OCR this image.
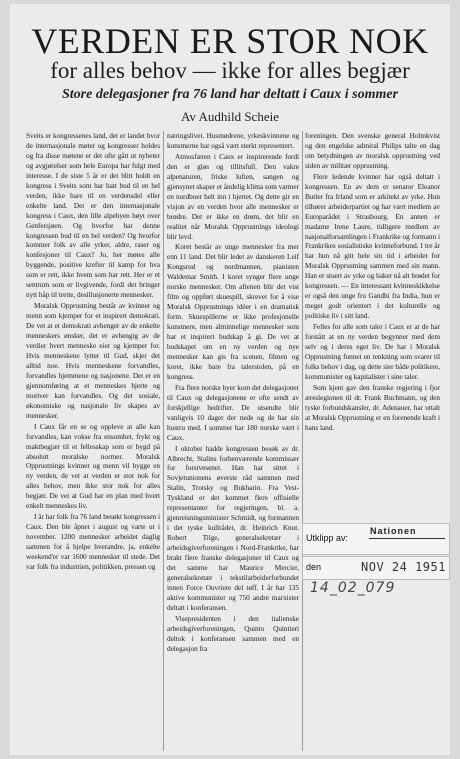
VERDEN ER STOR NOK
for alles behov — ikke for alles begjær
Store delegasjoner fra 76 land har deltatt i Caux i sommer
Av Audhild Scheie

Sveits er kongressenes land, det er landet hvor de internasjonale møter og kongresser holdes og fra disse møtene er det ofte gått ut nyheter og avgjørelser som hele Europa har fulgt med interesse. I de siste 5 år er det blitt holdt en kongress i Sveits som har hatt bud til en hel verden, ikke bare til en verdensdel eller enkelte land. Det er den internasjonale kongress i Caux, den lille alpebyen høyt over Genfersjøen. Og hvorfor har denne kongressen bud til en hel verden? Og hvorfor kommer folk av alle yrker, aldre, raser og konfesjoner til Caux? Jo, her møtes alle byggende, positive krefter til kamp for hva som er rett, ikke hvem som har rett. Her er et sentrum som er livgivende, fordi det bringer nytt håp til trette, desillusjonerte mennesker.

Moralsk Opprustning består av kvinner og menn som kjemper for et inspirert demokrati. De vet at et demokrati avhenger av de enkelte menneskers ønsker, det er avhengig av de verdier hvert menneske eier og kjemper for. Hvis menneskene lytter til Gud, skjer det alltid noe. Hvis menneskene forvandles, forvandles hjemmene og nasjonene. Det er en gjennomføring at et menneskes hjerte og motiver kan forvandles. Og det sosiale, økonomiske og nasjonale liv skapes av mennesker.

I Caux får en se og oppleve at alle kan forvandles, kan vokse fra ensomhet, frykt og maktbegjær til et fellesskap som er bygd på absolutt moralske normer. Moralsk Opprustnings kvinner og menn vil bygge en ny verden, de vet at verden er stor nok for alles behov, men ikke stor nok for alles begjær. De vet at Gud har en plan med hvert enkelt menneskes liv.

I år har folk fra 76 land besøkt kongressen i Caux. Den ble åpnet i august og varte ut i november. 1200 mennesker arbeidet daglig sammen for å hjelpe hverandre, ja, enkelte weekend'er var 1600 mennesker til stede. Det var folk fra industrien, politikken, pressen og

næringslivet. Husmødrene, yrkeskvinnene og kunstnerne har også vært sterkt representert.

Atmosfæren i Caux er inspirerende fordi den er gløs og tillitsfull. Den vakre alpenaturen, friske luften, sangen og gjensynet skaper et åndelig klima som varmer en nordboer helt inn i hjertet. Og dette gir en visjon av en verden hvor alle mennesker er brødre. Det er ikke en drøm, det blir en realitet når Moralsk Opprustnings ideologi blir levd.

Koret består av unge mennesker fra mer enn 11 land. Det blir ledet av danskeren Leif Kongsrud og nordmannen, pianisten Waldemar Smith. I koret synger flere unge norske mennesker. Om aftenen blir det vist film og oppført skuespill, skrevet for å vise Moralsk Opprustnings idéer i en dramatisk form. Skuespillerne er ikke profesjonelle kunstnere, men alminnelige mennesker som har et inspirert budskap å gi. De vet at budskapet om en ny verden og nye mennesker kan gis fra scenen, filmen og koret, ikke bare fra talerstolen, på en kongress.

Fra flere norske byer kom det delegasjoner til Caux og delegasjonene er ofte sendt av forskjellige bedrifter. De utsendte blir vanligvis 10 dager der nede og de har sin hustru med. I sommer har 180 norske vært i Caux.

I oktober hadde kongressen besøk av dr. Albrecht, Stalins forhenværende kommissær for forstvesenet. Han har sittet i Sovjetunionens øverste råd sammen med Stalin, Trotsky og Bukharin. Fra Vest-Tyskland er det kommet flere offisielle representanter for regjeringen, bl. a. gjenreisningsminister Schmidt, og formannen i det tyske kullrådet, dr. Heinrich Knut. Robert Tilge, generalsekretær i arbeidsgiverforeningen i Nord-Frankrike, har brakt flere franske delegasjoner til Caux og det samme har Maurice Mercier, generalsekretær i tekstilarbeiderforbundet innen Force Ouvriere del tøff. I år har 135 aktive kommunister og 750 andre marxister deltatt i konferansen.

Visepresidenten i den italienske arbeidsgiverforeningen, Quinto Quintieri deltok i konferansen sammen med en delegasjon fra

foreningen. Den svenske general Holmkvist og den engelske admiral Philips talte en dag om betydningen av moralsk opprustning ved siden av militær opprustning.

Flere ledende kvinner har også deltatt i kongressen. En av dem er senator Eleanor Butler fra Irland som er arkitekt av yrke. Hun tilhører arbeiderpartiet og har vært medlem av Europarådet i Strasbourg. En annen er madame Irene Laure, tidligere medlem av nasjonalforsamlingen i Frankrike og formann i Frankrikes sosialistiske kvinneforbund. I tre år har hun nå gitt hele sin tid i arbeidet for Moralsk Opprustning sammen med sin mann. Han er stuert av yrke og baker nå alt brødet for kongressen. — En interessant kvinneskikkelse er også den unge fru Gandhi fra India, hun er meget godt orientert i det kulturelle og politiske liv i sitt land.

Felles for alle som taler i Caux er at de har forstått at en ny verden begynner med dem selv og i deres eget liv. De har i Moralsk Opprustning funnet en tenkning som svarer til folks behov i dag, og dette sier både politikere, kommunister og kapitalister i sine taler.

Som kjent gav den franske regjering i fjor æreslegionen til dr. Frank Buchmann, og den tyske forbundskansler, dr. Adenauer, har uttalt at Moralsk Opprustning er en forenende kraft i hans land.

Utklipp av:
Nationen
den	NOV 24 1951
14_02_079
